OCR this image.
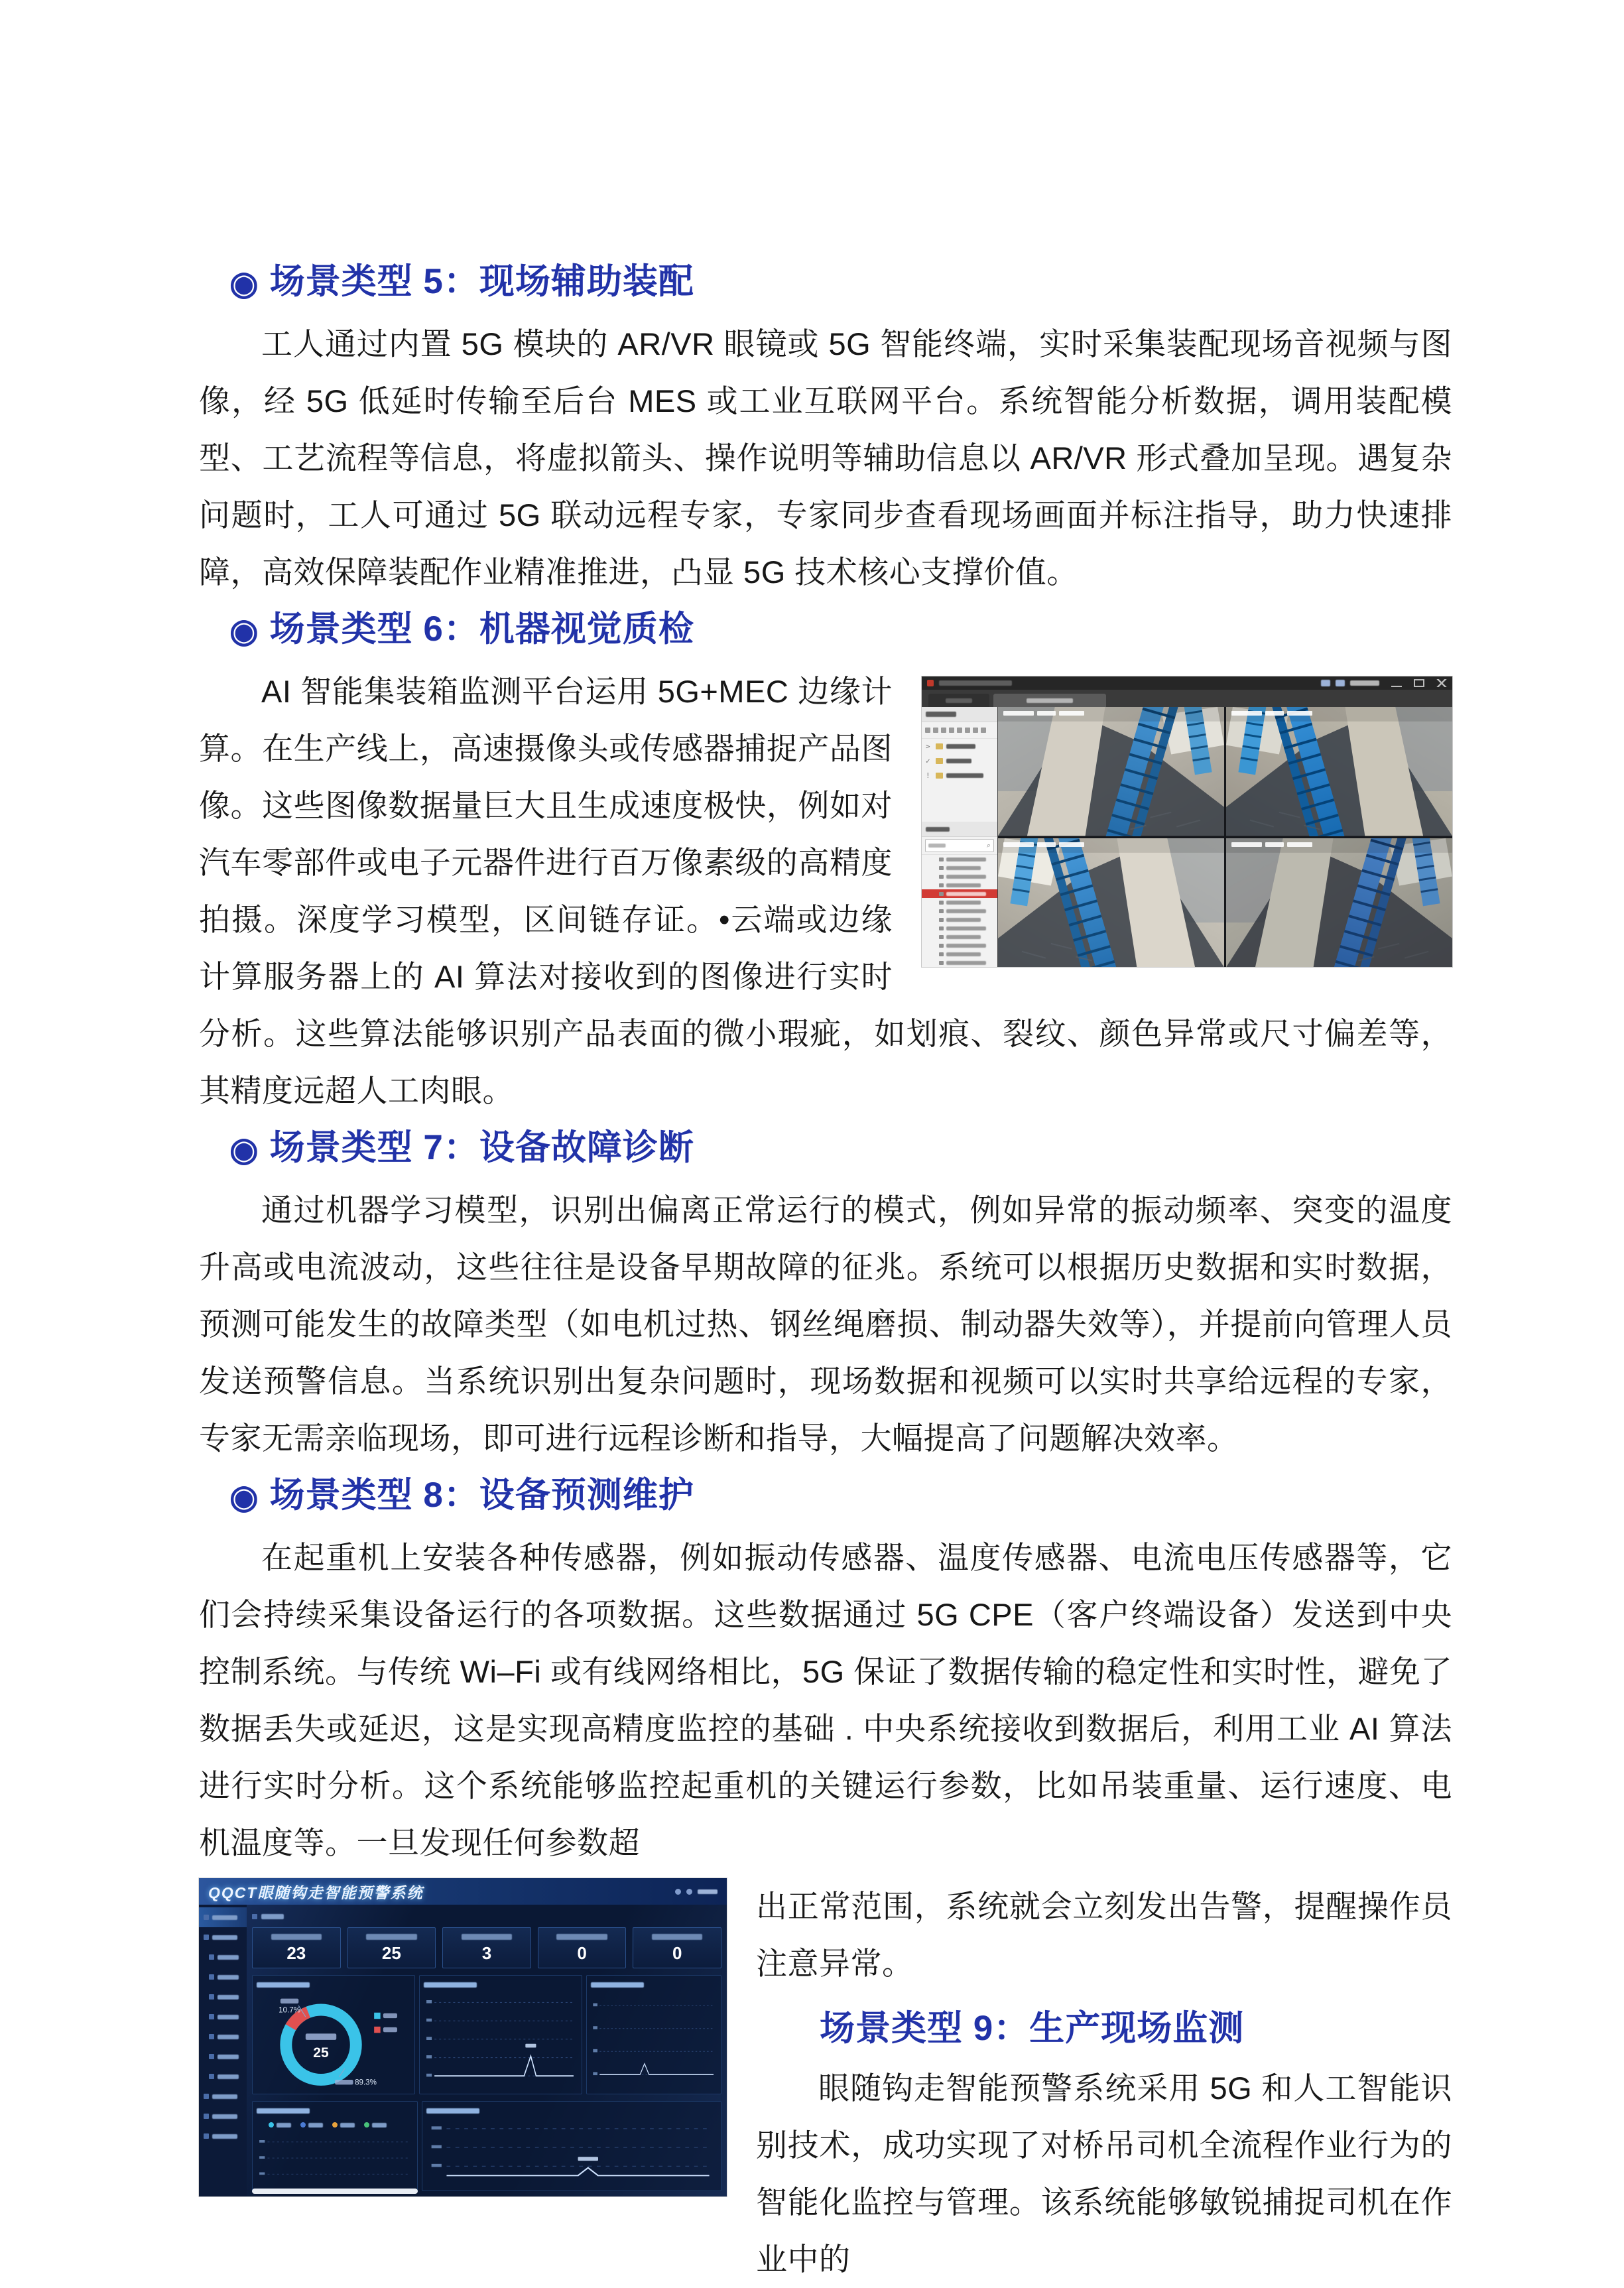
◉ 场景类型 5：现场辅助装配

工人通过内置 5G 模块的 AR/VR 眼镜或 5G 智能终端，实时采集装配现场音视频与图像，经 5G 低延时传输至后台 MES 或工业互联网平台。系统智能分析数据，调用装配模型、工艺流程等信息，将虚拟箭头、操作说明等辅助信息以 AR/VR 形式叠加呈现。遇复杂问题时，工人可通过 5G 联动远程专家，专家同步查看现场画面并标注指导，助力快速排障，高效保障装配作业精准推进，凸显 5G 技术核心支撑价值。

◉ 场景类型 6：机器视觉质检
>
✓
!
⌕

AI 智能集装箱监测平台运用 5G+MEC 边缘计算。在生产线上，高速摄像头或传感器捕捉产品图像。这些图像数据量巨大且生成速度极快，例如对汽车零部件或电子元器件进行百万像素级的高精度拍摄。深度学习模型，区间链存证。•云端或边缘计算服务器上的 AI 算法对接收到的图像进行实时分析。这些算法能够识别产品表面的微小瑕疵，如划痕、裂纹、颜色异常或尺寸偏差等，其精度远超人工肉眼。

◉ 场景类型 7：设备故障诊断

通过机器学习模型，识别出偏离正常运行的模式，例如异常的振动频率、突变的温度升高或电流波动，这些往往是设备早期故障的征兆。系统可以根据历史数据和实时数据，预测可能发生的故障类型（如电机过热、钢丝绳磨损、制动器失效等），并提前向管理人员发送预警信息。当系统识别出复杂问题时，现场数据和视频可以实时共享给远程的专家，专家无需亲临现场，即可进行远程诊断和指导，大幅提高了问题解决效率。

◉ 场景类型 8：设备预测维护

在起重机上安装各种传感器，例如振动传感器、温度传感器、电流电压传感器等，它们会持续采集设备运行的各项数据。这些数据通过 5G CPE（客户终端设备）发送到中央控制系统。与传统 Wi–Fi 或有线网络相比，5G 保证了数据传输的稳定性和实时性，避免了数据丢失或延迟，这是实现高精度监控的基础 . 中央系统接收到数据后，利用工业 AI 算法进行实时分析。这个系统能够监控起重机的关键运行参数，比如吊装重量、运行速度、电机温度等。一旦发现任何参数超

QQCT眼随钩走智能预警系统
23	25	3	0	0
25
10.7%
89.3%

出正常范围，系统就会立刻发出告警，提醒操作员注意异常。

场景类型 9：生产现场监测

眼随钩走智能预警系统采用 5G 和人工智能识别技术，成功实现了对桥吊司机全流程作业行为的智能化监控与管理。该系统能够敏锐捕捉司机在作业中的
